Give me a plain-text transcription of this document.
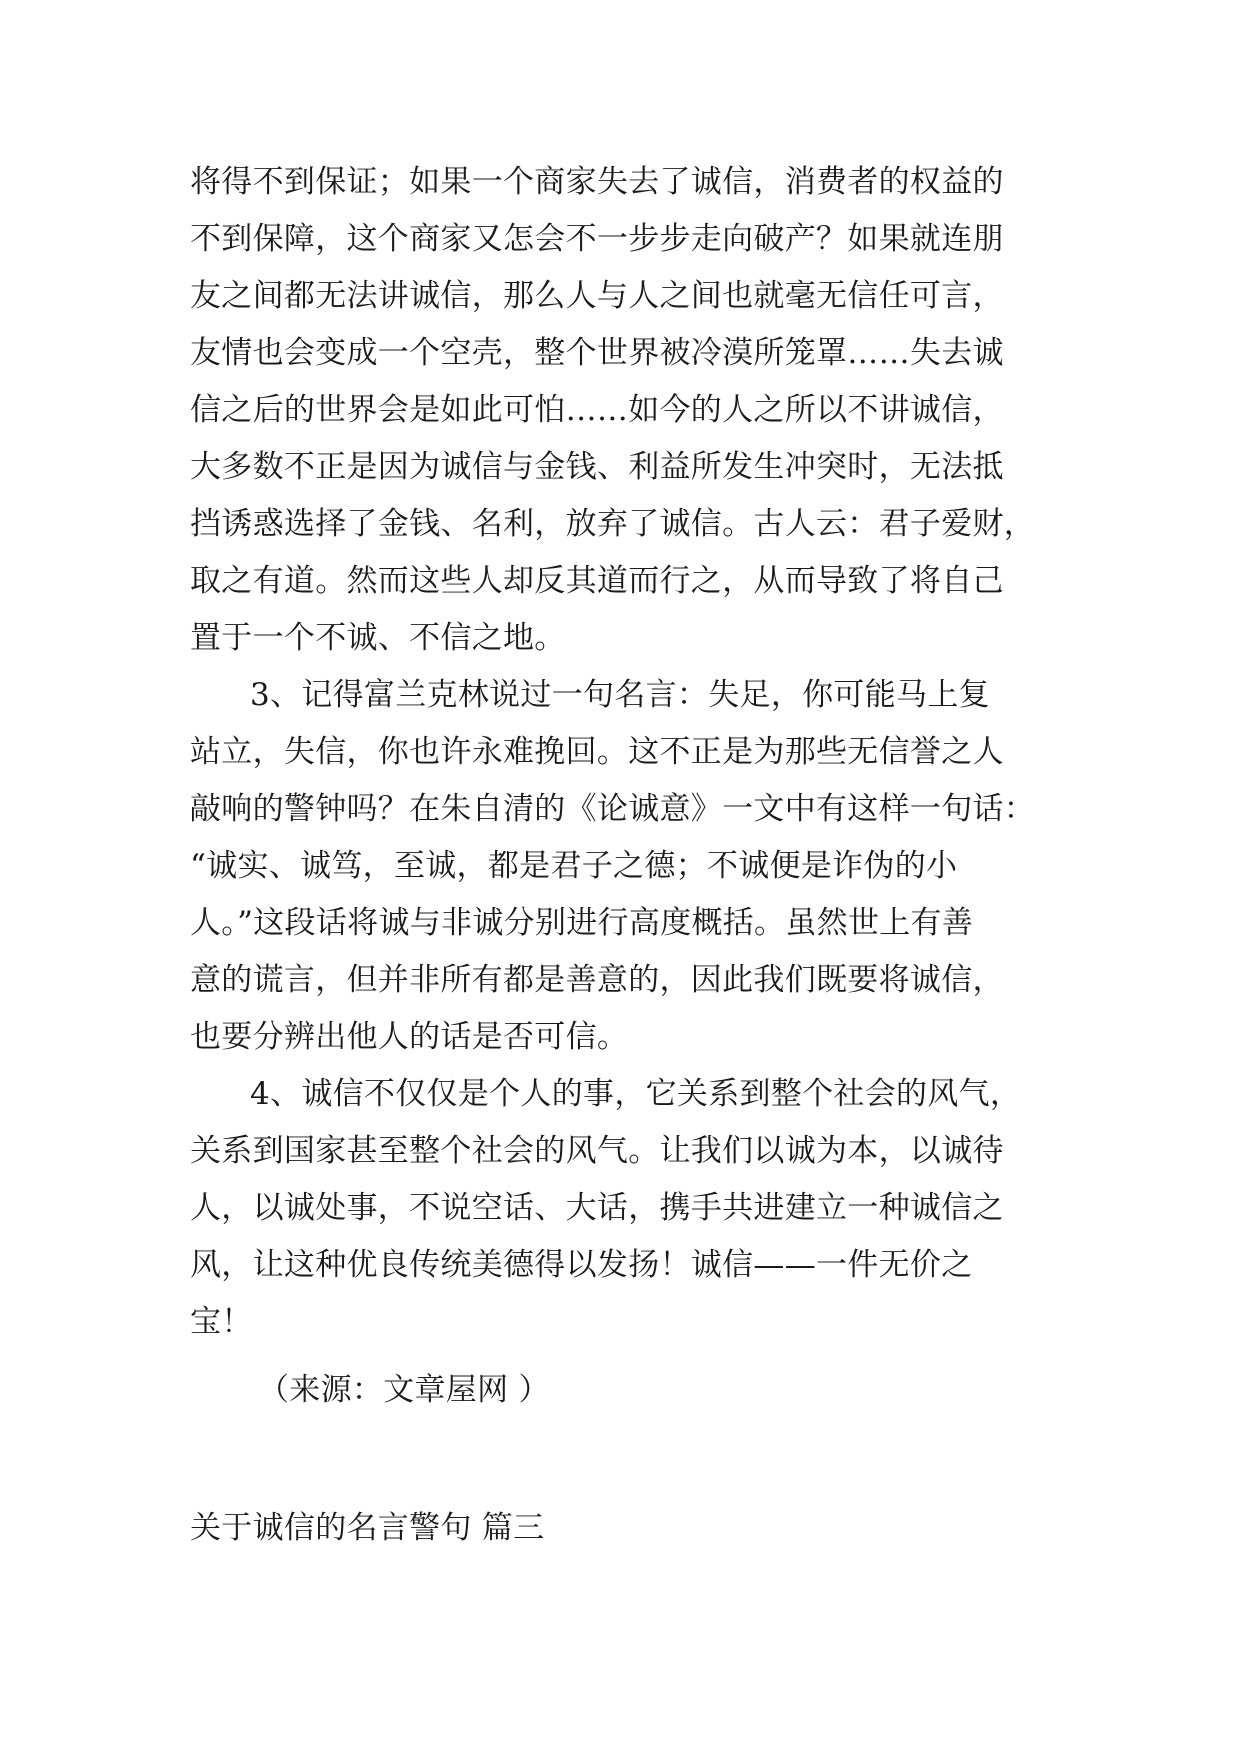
将得不到保证；如果一个商家失去了诚信，消费者的权益的
不到保障，这个商家又怎会不一步步走向破产？如果就连朋
友之间都无法讲诚信，那么人与人之间也就毫无信任可言，
友情也会变成一个空壳，整个世界被冷漠所笼罩……失去诚
信之后的世界会是如此可怕……如今的人之所以不讲诚信，
大多数不正是因为诚信与金钱、利益所发生冲突时，无法抵
挡诱惑选择了金钱、名利，放弃了诚信。古人云：君子爱财，
取之有道。然而这些人却反其道而行之，从而导致了将自己
置于一个不诚、不信之地。
3、记得富兰克林说过一句名言：失足，你可能马上复
站立，失信，你也许永难挽回。这不正是为那些无信誉之人
敲响的警钟吗？在朱自清的《论诚意》一文中有这样一句话：
“诚实、诚笃，至诚，都是君子之德；不诚便是诈伪的小
人。”这段话将诚与非诚分别进行高度概括。虽然世上有善
意的谎言，但并非所有都是善意的，因此我们既要将诚信，
也要分辨出他人的话是否可信。
4、诚信不仅仅是个人的事，它关系到整个社会的风气，
关系到国家甚至整个社会的风气。让我们以诚为本，以诚待
人，以诚处事，不说空话、大话，携手共进建立一种诚信之
风，让这种优良传统美德得以发扬！诚信——一件无价之
宝！
（来源：文章屋网 ）
关于诚信的名言警句 篇三
